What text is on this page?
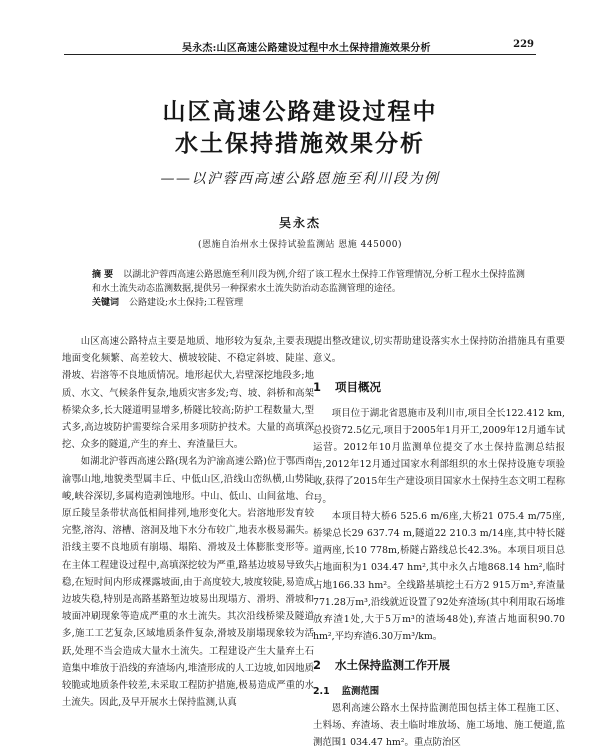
吴永杰:山区高速公路建设过程中水土保持措施效果分析	229
山区高速公路建设过程中
水土保持措施效果分析
——以沪蓉西高速公路恩施至利川段为例
吴永杰
(恩施自治州水土保持试验监测站 恩施 445000)
摘 要 以湖北沪蓉西高速公路恩施至利川段为例,介绍了该工程水土保持工作管理情况,分析工程水土保持监测和水土流失动态监测数据,提供另一种探索水土流失防治动态监测管理的途径。
关键词 公路建设;水土保持;工程管理

山区高速公路特点主要是地质、地形较为复杂,主要表现地面变化频繁、高差较大、横坡较陡、不稳定斜坡、陡崖、滑坡、岩溶等不良地质情况。地形起伏大,岩壁深挖地段多;地质、水文、气候条件复杂,地质灾害多发;弯、坡、斜桥和高架桥梁众多,长大隧道明显增多,桥隧比较高;防护工程数量大,型式多,高边坡防护需要综合采用多项防护技术。大量的高填深挖、众多的隧道,产生的弃土、弃渣量巨大。

如湖北沪蓉西高速公路(现名为沪渝高速公路)位于鄂西南渝鄂山地,地貌类型属丰丘、中低山区,沿线山峦纵横,山势陡峻,峡谷深切,多属构造剥蚀地形。中山、低山、山间盆地、台原丘陵呈条带状高低相间排列,地形变化大。岩溶地形发育较完整,溶沟、溶槽、溶洞及地下水分布较广,地表水极易漏失。沿线主要不良地质有崩塌、塌陷、滑坡及土体膨胀变形等。在主体工程建设过程中,高填深挖较为严重,路基边坡易导致失稳,在短时间内形成裸露坡面,由于高度较大,坡度较陡,易造成边坡失稳,特别是高路基路堑边坡易出现塌方、滑坍、滑坡和坡面冲刷现象等造成严重的水土流失。其次沿线桥梁及隧道多,施工工艺复杂,区域地质条件复杂,滑坡及崩塌现象较为活跃,处理不当会造成大量水土流失。工程建设产生大量弃土石造集中堆放于沿线的弃渣场内,堆渣形成的人工边坡,如因地质较脆或地质条件较差,未采取工程防护措施,极易造成严重的水土流失。因此,及早开展水土保持监测,认真

提出整改建议,切实帮助建设落实水土保持防治措施具有重要意义。

1 项目概况

项目位于湖北省恩施市及利川市,项目全长122.412 km,总投资72.5亿元,项目于2005年1月开工,2009年12月通车试运营。2012年10月监测单位提交了水土保持监测总结报告,2012年12月通过国家水利部组织的水土保持设施专项验收,获得了2015年生产建设项目国家水土保持生态文明工程称号。

本项目特大桥6 525.6 m/6座,大桥21 075.4 m/75座,桥梁总长29 637.74 m,隧道22 210.3 m/14座,其中特长隧道两座,长10 778m,桥隧占路线总长42.3%。本项目项目总占地面积为1 034.47 hm²,其中永久占地868.14 hm²,临时占地166.33 hm²。全线路基填挖土石方2 915万m³,弃渣量771.28万m³,沿线就近设置了92处弃渣场(其中利用取石场堆放弃渣1处,大于5万m³的渣场48处),弃渣占地面积90.70 hm²,平均弃渣6.30万m³/km。

2 水土保持监测工作开展
2.1 监测范围

恩利高速公路水土保持监测范围包括主体工程施工区、土料场、弃渣场、表土临时堆放场、施工场地、施工便道,监测范围1 034.47 hm²。重点防治区
